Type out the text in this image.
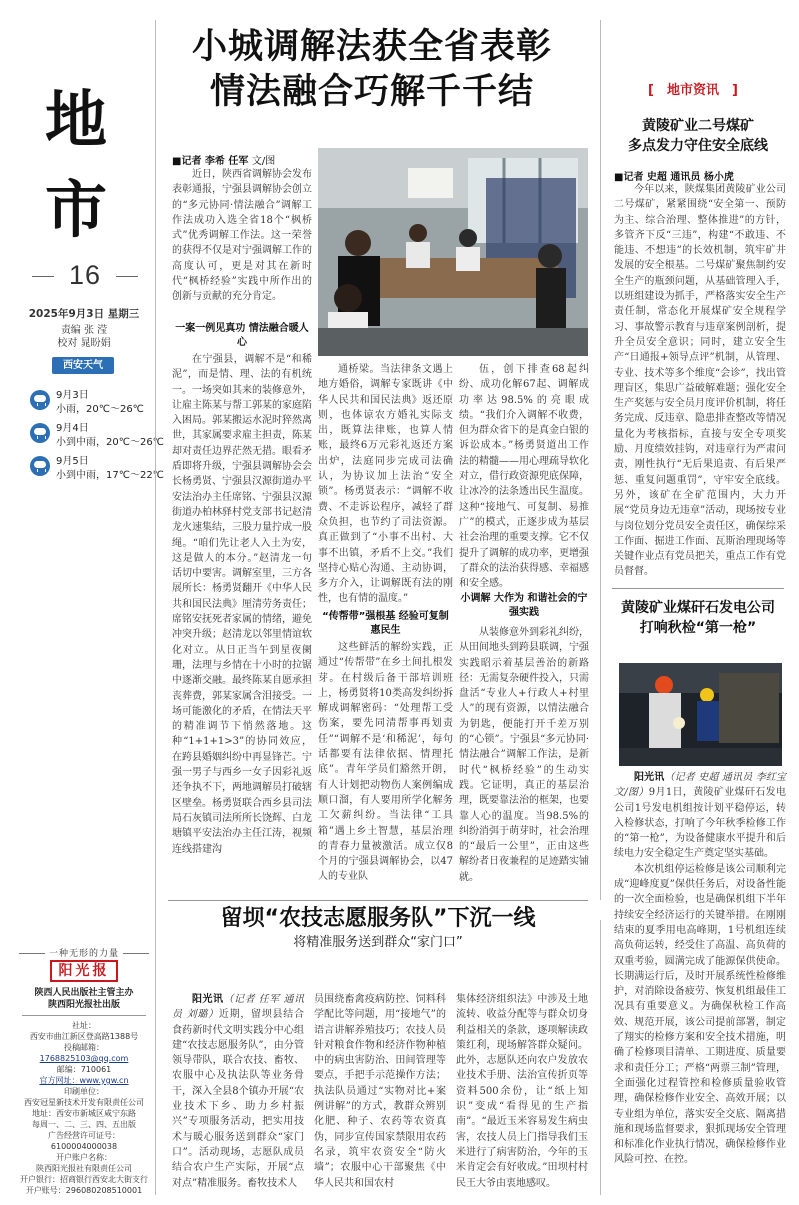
地
市
16
2025年9月3日 星期三
责编 张 滢
校对 晁盼娟
西安天气
9月3日
小雨，20℃～26℃
9月4日
小到中雨，20℃～26℃
9月5日
小到中雨，17℃～22℃
一种无形的力量
阳光报
陕西人民出版社主管主办
陕西阳光报社出版
社址：
西安市曲江新区登高路1388号
投稿邮箱：
1768825103@qq.com
邮编：710061
官方网址：www.ygw.cn
印刷单位：
西安冠星新技术开发有限责任公司
地址：西安市新城区咸宁东路
每周一、二、三、四、五出版
广告经营许可证号：
6100004000038
开户账户名称：
陕西阳光报社有限责任公司
开户银行：招商银行西安北大街支行
开户账号：296080208510001
小城调解法获全省表彰
情法融合巧解千千结
■记者 李希 任军 文/图
近日，陕西省调解协会发布表彰通报，宁强县调解协会创立的“多元协同·情法融合”调解工作法成功入选全省18个“枫桥式”优秀调解工作法。这一荣誉的获得不仅是对宁强调解工作的高度认可，更是对其在新时代“枫桥经验”实践中所作出的创新与贡献的充分肯定。
一案一例见真功 情法融合暖人心
在宁强县，调解不是“和稀泥”，而是情、理、法的有机统一。一场突如其来的装修意外，让雇主陈某与帮工郭某的家庭陷入困局。郭某搬运水泥时猝然离世，其家属要求雇主担责，陈某却对责任边界茫然无措。眼看矛盾即将升级，宁强县调解协会会长杨勇贤、宁强县汉源街道办平安法治办主任席铭、宁强县汉源街道办柏林驿村党支部书记赵清龙火速集结，三股力量拧成一股绳。“咱们先让老人入土为安，这是做人的本分。”赵清龙一句话切中要害。调解室里，三方各展所长：杨勇贤翻开《中华人民共和国民法典》厘清劳务责任；席铭安抚死者家属的情绪，避免冲突升级；赵清龙以邻里情谊软化对立。从日正当午到星夜阑珊，法理与乡情在十小时的拉锯中逐渐交融。最终陈某自愿承担丧葬费，郭某家属含泪接受。一场可能激化的矛盾，在情法天平的精准调节下悄然落地。这种“1+1+1>3”的协同效应，在跨县婚姻纠纷中再显锋芒。宁强一男子与西乡一女子因彩礼返还争执不下，两地调解员打破辖区壁垒。杨勇贤联合西乡县司法局石灰镇司法所所长饶辉、白龙塘镇平安法治办主任江涛，视频连线搭建沟
通桥梁。当法律条文遇上地方婚俗，调解专家既讲《中华人民共和国民法典》返还原则，也体谅农方婚礼实际支出，既算法律账，也算人情账，最终6万元彩礼返还方案出炉，法庭同步完成司法确认，为协议加上法治“安全锁”。杨勇贤表示：“调解不收费、不走诉讼程序，减轻了群众负担，也节约了司法资源。真正做到了“小事不出村、大事不出镇，矛盾不上交。”我们坚持心贴心沟通、主动协调，多方介入，让调解既有法的刚性，也有情的温度。”
“传帮带”强根基 经验可复制惠民生
这些鲜活的解纷实践，正通过“传帮带”在乡土间扎根发芽。在村级后备干部培训班上，杨勇贤将10类高发纠纷拆解成调解密码：“处理帮工受伤案，要先同清帮事再划责任”“调解不是‘和稀泥’，每句话都要有法律依据、情理托底”。青年学员们豁然开朗，有人计划把动物伤人案例编成顺口溜，有人要用所学化解务工欠薪纠纷。当法律“工具箱”遇上乡土智慧，基层治理的青春力量被激活。成立仅8个月的宁强县调解协会，以47人的专业队
伍，创下排查68起纠纷、成功化解67起、调解成功率达98.5%的亮眼成绩。“我们介入调解不收费，但为群众省下的是真金白银的诉讼成本。”杨勇贤道出工作法的精髓——用心理疏导软化对立，借行政资源兜底保障，让冰冷的法条透出民生温度。这种“接地气、可复制、易推广”的模式，正逐步成为基层社会治理的重要支撑。它不仅提升了调解的成功率，更增强了群众的法治获得感、幸福感和安全感。
小调解 大作为 和谐社会的宁强实践
从装修意外到彩礼纠纷，从田间地头到跨县联调，宁强实践昭示着基层善治的新路径：无需复杂硬件投入，只需盘活“专业人+行政人+村里人”的现有资源，以情法融合为钥匙，便能打开千差万别的“心锁”。宁强县“多元协同·情法融合”调解工作法，是新时代“枫桥经验”的生动实践。它证明，真正的基层治理，既要靠法治的框架，也要靠人心的温度。当98.5%的纠纷消弭于萌芽时，社会治理的“最后一公里”，正由这些解纷者日夜兼程的足迹踏实铺就。
[ 地市资讯 ]
黄陵矿业二号煤矿
多点发力守住安全底线
■记者 史超 通讯员 杨小虎
今年以来，陕煤集团黄陵矿业公司二号煤矿，紧紧围绕“安全第一、预防为主、综合治理、整体推进”的方针，多管齐下反“三违”，构建“不敢违、不能违、不想违”的长效机制，筑牢矿井发展的安全根基。二号煤矿聚焦制约安全生产的瓶颈问题，从基础管理入手，以班组建设为抓手，严格落实安全生产责任制，常态化开展煤矿安全规程学习、事故警示教育与违章案例剖析，提升全员安全意识；同时，建立安全生产“日通报+领导点评”机制，从管理、专业、技术等多个维度“会诊”，找出管理盲区，集思广益破解难题；强化安全生产奖惩与安全员月度评价机制，将任务完成、反违章、隐患排查整改等情况量化为考核指标，直接与安全专项奖励、月度绩效挂钩，对违章行为严肃问责，刚性执行“无后果追责、有后果严惩、重复问题重罚”，守牢安全底线。另外，该矿在全矿范围内，大力开展“党员身边无违章”活动，现场按专业与岗位划分党员安全责任区，确保综采工作面、掘进工作面、瓦斯治理现场等关键作业点有党员把关，重点工作有党员督督。
黄陵矿业煤矸石发电公司
打响秋检“第一枪”
阳光讯（记者 史超 通讯员 李红宝 文/图）9月1日，黄陵矿业煤矸石发电公司1号发电机组按计划平稳停运，转入检修状态，打响了今年秋季检修工作的“第一枪”，为设备健康水平提升和后续电力安全稳定生产奠定坚实基础。
本次机组停运检修是该公司顺利完成“迎峰度夏”保供任务后，对设备性能的一次全面检验，也是确保机组下半年持续安全经济运行的关键举措。在刚刚结束的夏季用电高峰期，1号机组连续高负荷运转，经受住了高温、高负荷的双重考验，圆满完成了能源保供使命。长期满运行后，及时开展系统性检修维护，对消除设备疲劳、恢复机组最佳工况具有重要意义。为确保秋检工作高效、规范开展，该公司提前部署，制定了翔实的检修方案和安全技术措施，明确了检修项目清单、工期进度、质量要求和责任分工；严格“两票三制”管理，全面强化过程管控和检修质量验收管理，确保检修作业安全、高效开展；以专业组为单位，落实安全交底、隔离措施和现场监督要求，狠抓现场安全管理和标准化作业执行情况，确保检修作业风险可控、在控。
留坝“农技志愿服务队”下沉一线
将精准服务送到群众“家门口”
阳光讯（记者 任军 通讯员 刘璐）近期，留坝县结合食药新时代文明实践分中心组建“农技志愿服务队”，由分管领导带队，联合农技、畜牧、农服中心及执法队等业务骨干，深入全县8个镇办开展“农业技术下乡、助力乡村振兴”专项服务活动，把实用技术与暖心服务送到群众“家门口”。活动现场，志愿队成员结合农户生产实际，开展“点对点”精准服务。畜牧技术人
员围绕畜禽疫病防控、饲料科学配比等问题，用“接地气”的语言讲解养殖技巧；农技人员针对粮食作物和经济作物种植中的病虫害防治、田间管理等要点，手把手示范操作方法；执法队员通过“实物对比+案例讲解”的方式，教群众辨别化肥、种子、农药等农资真伪，同步宣传国家禁限用农药名录，筑牢农资安全“防火墙”；农服中心干部聚焦《中华人民共和国农村
集体经济组织法》中涉及土地流转、收益分配等与群众切身利益相关的条款，逐项解读政策红利，现场解答群众疑问。此外，志愿队还向农户发放农业技术手册、法治宣传折页等资料500余份，让“纸上知识”变成“看得见的生产指南”。“最近玉米容易发生病虫害，农技人员上门指导我们玉米进行了病害防治，今年的玉米肯定会有好收成。”田坝村村民王大爷由衷地感叹。
